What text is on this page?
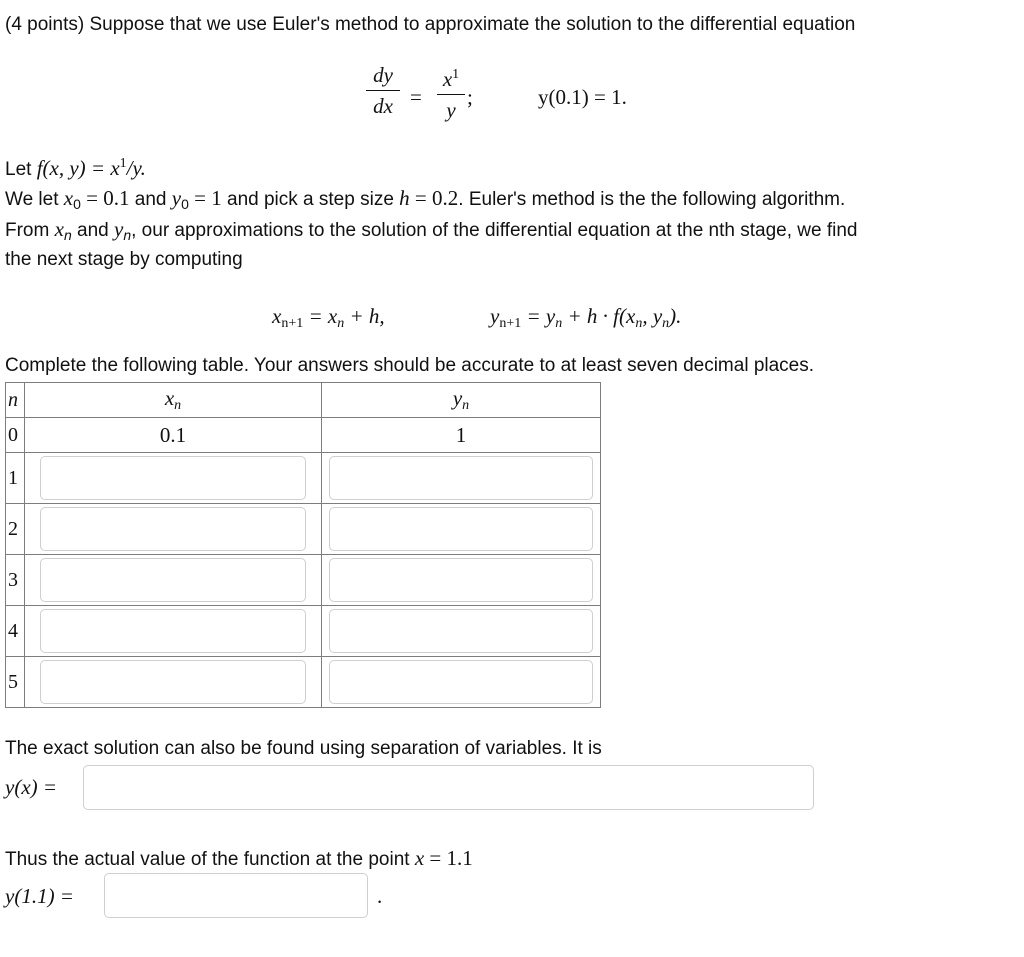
(4 points) Suppose that we use Euler's method to approximate the solution to the differential equation
dy
dx =
$x^1$
y
;	y(0.1) = 1.
Let f(x, $y) = x^1/y$.
We let $x_0 = 0.1$ and $y_0 = 1$ and pick a step size h = 0.2. Euler's method is the the following algorithm.
From $x_n$ and $y_n$, our approximations to the solution of the differential equation at the nth stage, we find
the next stage by computing
$x_{n+1} = x_n + h$,	$y_{n+1} = y_n + h \cdot f(x_n$, $y_n$).
Complete the following table. Your answers should be accurate to at least seven decimal places.
n	$x_n$	$y_n$
0	0.1	1
1	

2	

3	

4	

5	

The exact solution can also be found using separation of variables. It is
y(x) =
Thus the actual value of the function at the point x = 1.1
y(1.1) =	.
